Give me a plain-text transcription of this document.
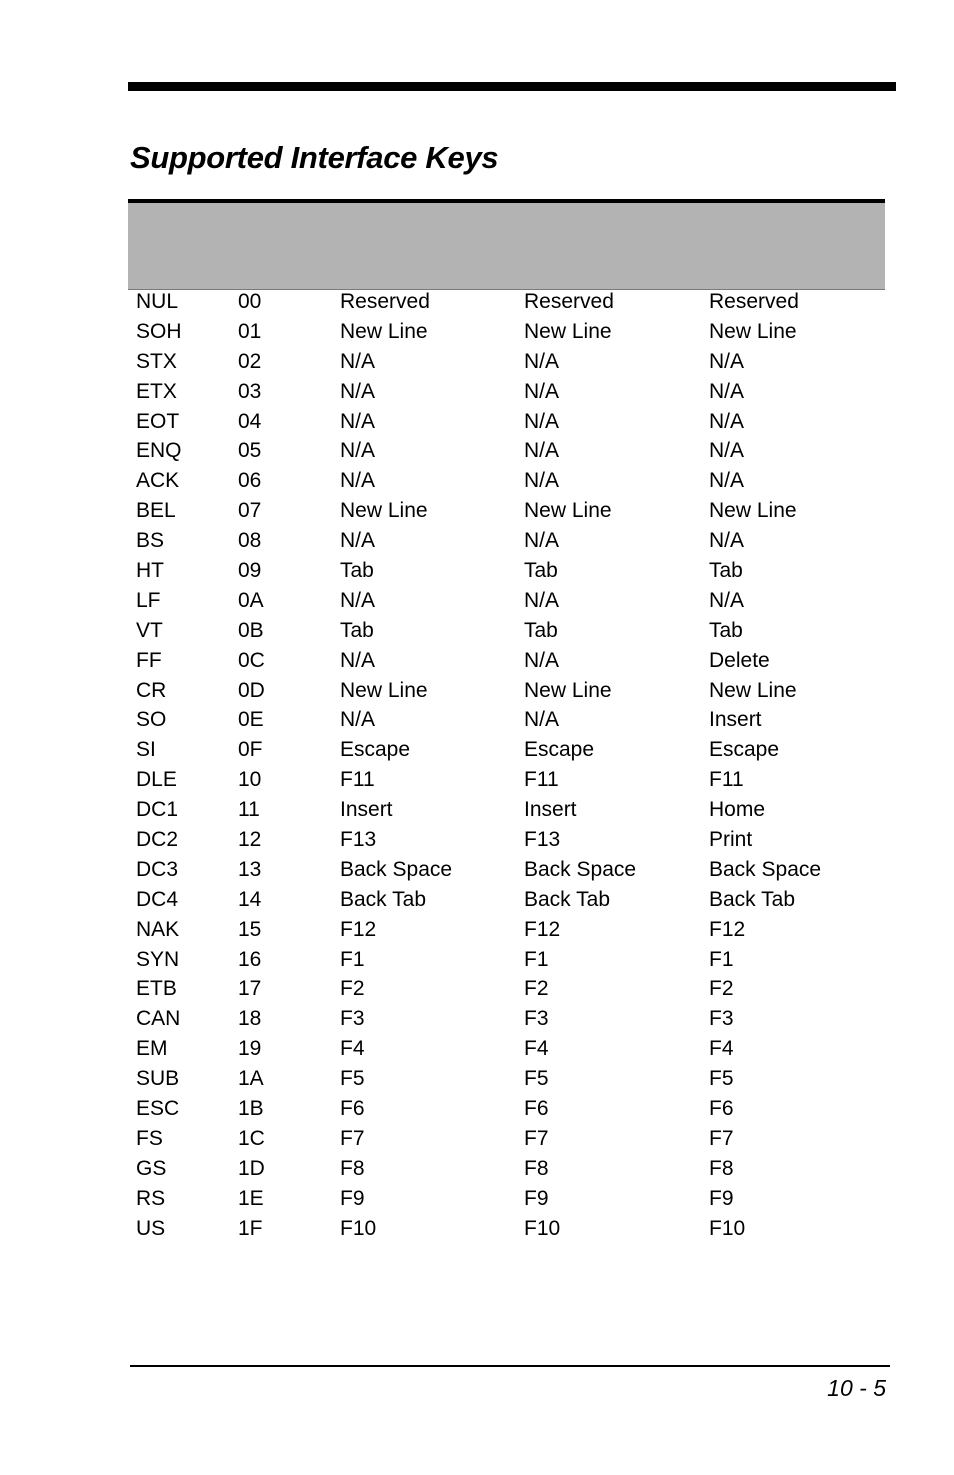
Supported Interface Keys
NUL	00	Reserved	Reserved	Reserved
SOH	01	New Line	New Line	New Line
STX	02	N/A	N/A	N/A
ETX	03	N/A	N/A	N/A
EOT	04	N/A	N/A	N/A
ENQ	05	N/A	N/A	N/A
ACK	06	N/A	N/A	N/A
BEL	07	New Line	New Line	New Line
BS	08	N/A	N/A	N/A
HT	09	Tab	Tab	Tab
LF	0A	N/A	N/A	N/A
VT	0B	Tab	Tab	Tab
FF	0C	N/A	N/A	Delete
CR	0D	New Line	New Line	New Line
SO	0E	N/A	N/A	Insert
SI	0F	Escape	Escape	Escape
DLE	10	F11	F11	F11
DC1	11	Insert	Insert	Home
DC2	12	F13	F13	Print
DC3	13	Back Space	Back Space	Back Space
DC4	14	Back Tab	Back Tab	Back Tab
NAK	15	F12	F12	F12
SYN	16	F1	F1	F1
ETB	17	F2	F2	F2
CAN	18	F3	F3	F3
EM	19	F4	F4	F4
SUB	1A	F5	F5	F5
ESC	1B	F6	F6	F6
FS	1C	F7	F7	F7
GS	1D	F8	F8	F8
RS	1E	F9	F9	F9
US	1F	F10	F10	F10
10 - 5
